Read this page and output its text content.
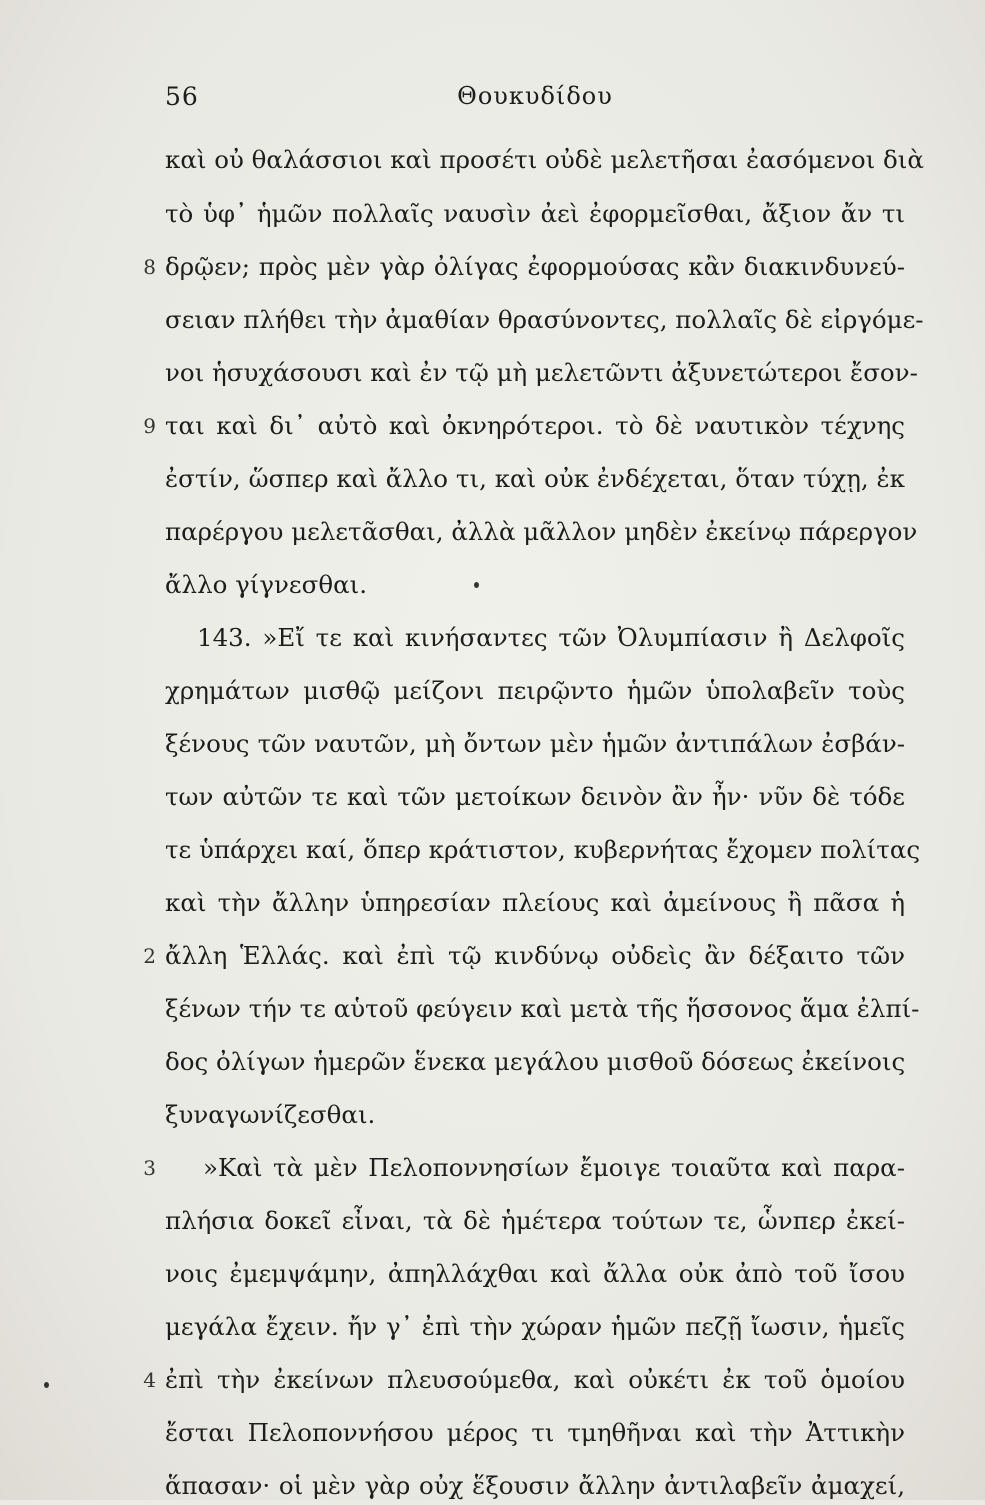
56	Θουκυδίδου
καὶ οὐ θαλάσσιοι καὶ προσέτι οὐδὲ μελετῆσαι ἐασόμενοι διὰ
τὸ ὑφ᾽ ἡμῶν πολλαῖς ναυσὶν ἀεὶ ἐφορμεῖσθαι, ἄξιον ἄν τι
δρῷεν; πρὸς μὲν γὰρ ὀλίγας ἐφορμούσας κἂν διακινδυνεύ-
σειαν πλήθει τὴν ἀμαθίαν θρασύνοντες, πολλαῖς δὲ εἰργόμε-
νοι ἡσυχάσουσι καὶ ἐν τῷ μὴ μελετῶντι ἀξυνετώτεροι ἔσον-
ται καὶ δι᾽ αὐτὸ καὶ ὀκνηρότεροι. τὸ δὲ ναυτικὸν τέχνης
ἐστίν, ὥσπερ καὶ ἄλλο τι, καὶ οὐκ ἐνδέχεται, ὅταν τύχῃ, ἐκ
παρέργου μελετᾶσθαι, ἀλλὰ μᾶλλον μηδὲν ἐκείνῳ πάρεργον
ἄλλο γίγνεσθαι.
143. »Εἴ τε καὶ κινήσαντες τῶν Ὀλυμπίασιν ἢ Δελφοῖς
χρημάτων μισθῷ μείζονι πειρῷντο ἡμῶν ὑπολαβεῖν τοὺς
ξένους τῶν ναυτῶν, μὴ ὄντων μὲν ἡμῶν ἀντιπάλων ἐσβάν-
των αὐτῶν τε καὶ τῶν μετοίκων δεινὸν ἂν ἦν· νῦν δὲ τόδε
τε ὑπάρχει καί, ὅπερ κράτιστον, κυβερνήτας ἔχομεν πολίτας
καὶ τὴν ἄλλην ὑπηρεσίαν πλείους καὶ ἀμείνους ἢ πᾶσα ἡ
ἄλλη Ἑλλάς. καὶ ἐπὶ τῷ κινδύνῳ οὐδεὶς ἂν δέξαιτο τῶν
ξένων τήν τε αὑτοῦ φεύγειν καὶ μετὰ τῆς ἥσσονος ἅμα ἐλπί-
δος ὀλίγων ἡμερῶν ἕνεκα μεγάλου μισθοῦ δόσεως ἐκείνοις
ξυναγωνίζεσθαι.
»Καὶ τὰ μὲν Πελοποννησίων ἔμοιγε τοιαῦτα καὶ παρα-
πλήσια δοκεῖ εἶναι, τὰ δὲ ἡμέτερα τούτων τε, ὧνπερ ἐκεί-
νοις ἐμεμψάμην, ἀπηλλάχθαι καὶ ἄλλα οὐκ ἀπὸ τοῦ ἴσου
μεγάλα ἔχειν. ἤν γ᾽ ἐπὶ τὴν χώραν ἡμῶν πεζῇ ἴωσιν, ἡμεῖς
ἐπὶ τὴν ἐκείνων πλευσούμεθα, καὶ οὐκέτι ἐκ τοῦ ὁμοίου
ἔσται Πελοποννήσου μέρος τι τμηθῆναι καὶ τὴν Ἀττικὴν
ἅπασαν· οἱ μὲν γὰρ οὐχ ἕξουσιν ἄλλην ἀντιλαβεῖν ἀμαχεί,
8
9
2
3
4
